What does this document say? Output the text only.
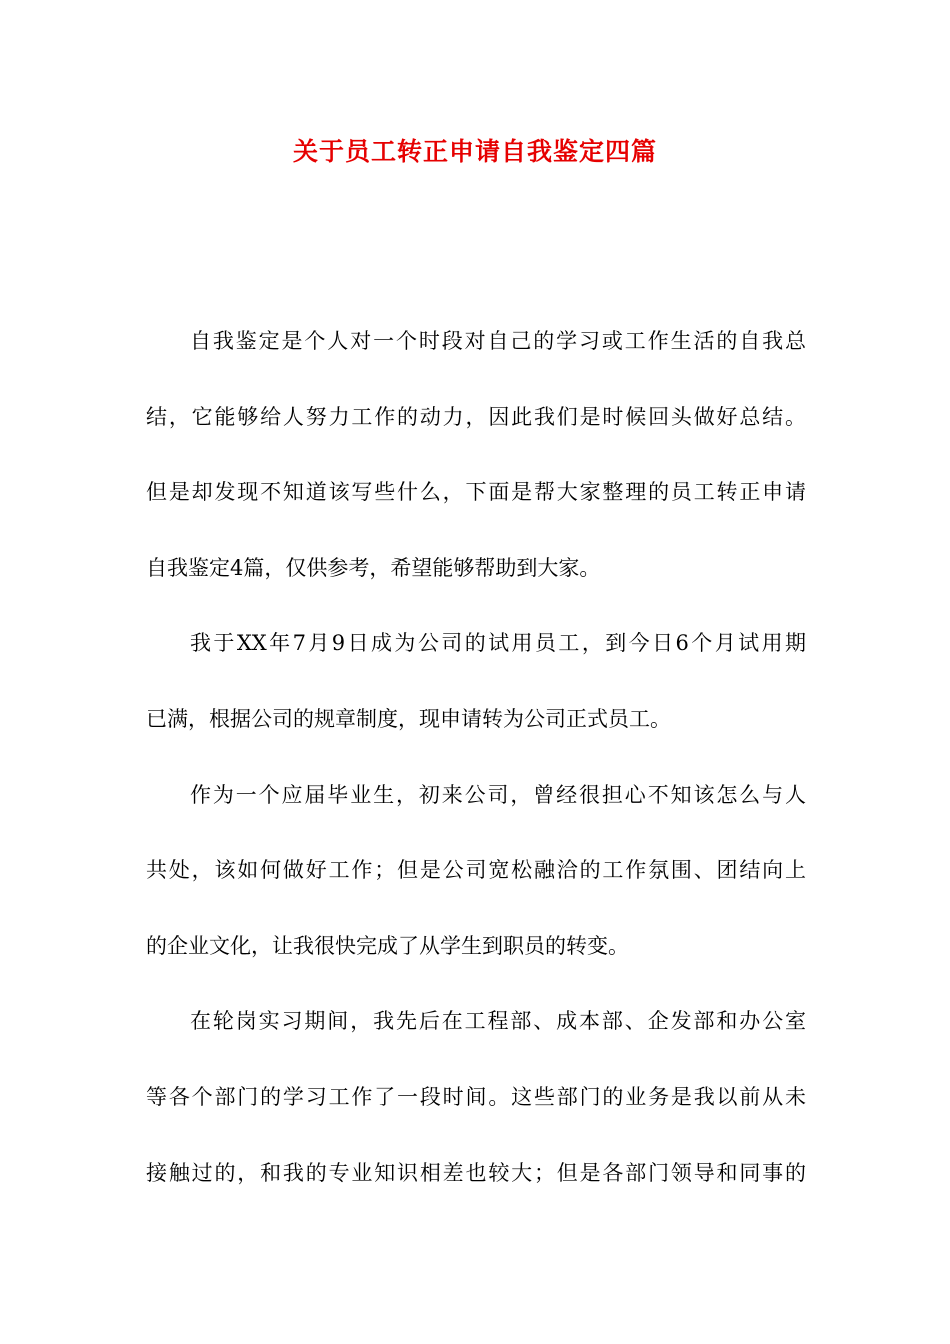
关于员工转正申请自我鉴定四篇

自我鉴定是个人对一个时段对自己的学习或工作生活的自我总

结，它能够给人努力工作的动力，因此我们是时候回头做好总结。

但是却发现不知道该写些什么，下面是帮大家整理的员工转正申请

自我鉴定4篇，仅供参考，希望能够帮助到大家。

我于XX年7月9日成为公司的试用员工，到今日6个月试用期

已满，根据公司的规章制度，现申请转为公司正式员工。

作为一个应届毕业生，初来公司，曾经很担心不知该怎么与人

共处，该如何做好工作；但是公司宽松融洽的工作氛围、团结向上

的企业文化，让我很快完成了从学生到职员的转变。

在轮岗实习期间，我先后在工程部、成本部、企发部和办公室

等各个部门的学习工作了一段时间。这些部门的业务是我以前从未

接触过的，和我的专业知识相差也较大；但是各部门领导和同事的
